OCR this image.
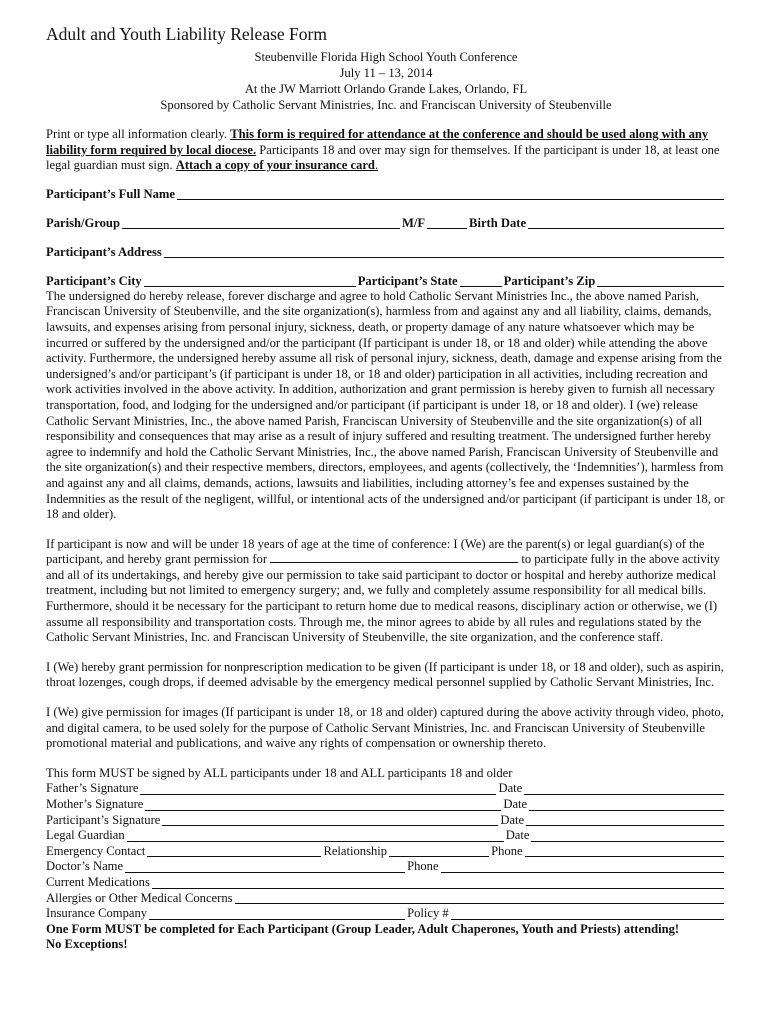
Adult and Youth Liability Release Form
Steubenville Florida High School Youth Conference
July 11 – 13, 2014
At the JW Marriott Orlando Grande Lakes, Orlando, FL
Sponsored by Catholic Servant Ministries, Inc. and Franciscan University of Steubenville

Print or type all information clearly. This form is required for attendance at the conference and should be used along with any liability form required by local diocese. Participants 18 and over may sign for themselves. If the participant is under 18, at least one legal guardian must sign. Attach a copy of your insurance card.

Participant’s Full Name
Parish/Group	M/F	Birth Date
Participant’s Address
Participant’s City	Participant’s State	Participant’s Zip

The undersigned do hereby release, forever discharge and agree to hold Catholic Servant Ministries Inc., the above named Parish, Franciscan University of Steubenville, and the site organization(s), harmless from and against any and all liability, claims, demands, lawsuits, and expenses arising from personal injury, sickness, death, or property damage of any nature whatsoever which may be incurred or suffered by the undersigned and/or the participant (If participant is under 18, or 18 and older) while attending the above activity. Furthermore, the undersigned hereby assume all risk of personal injury, sickness, death, damage and expense arising from the undersigned’s and/or participant’s (if participant is under 18, or 18 and older) participation in all activities, including recreation and work activities involved in the above activity. In addition, authorization and grant permission is hereby given to furnish all necessary transportation, food, and lodging for the undersigned and/or participant (if participant is under 18, or 18 and older). I (we) release Catholic Servant Ministries, Inc., the above named Parish, Franciscan University of Steubenville and the site organization(s) of all responsibility and consequences that may arise as a result of injury suffered and resulting treatment. The undersigned further hereby agree to indemnify and hold the Catholic Servant Ministries, Inc., the above named Parish, Franciscan University of Steubenville and the site organization(s) and their respective members, directors, employees, and agents (collectively, the ‘Indemnities’), harmless from and against any and all claims, demands, actions, lawsuits and liabilities, including attorney’s fee and expenses sustained by the Indemnities as the result of the negligent, willful, or intentional acts of the undersigned and/or participant (if participant is under 18, or 18 and older).

If participant is now and will be under 18 years of age at the time of conference: I (We) are the parent(s) or legal guardian(s) of the participant, and hereby grant permission for	to participate fully in the above activity and all of its undertakings, and hereby give our permission to take said participant to doctor or hospital and hereby authorize medical treatment, including but not limited to emergency surgery; and, we fully and completely assume responsibility for all medical bills. Furthermore, should it be necessary for the participant to return home due to medical reasons, disciplinary action or otherwise, we (I) assume all responsibility and transportation costs. Through me, the minor agrees to abide by all rules and regulations stated by the Catholic Servant Ministries, Inc. and Franciscan University of Steubenville, the site organization, and the conference staff.

I (We) hereby grant permission for nonprescription medication to be given (If participant is under 18, or 18 and older), such as aspirin, throat lozenges, cough drops, if deemed advisable by the emergency medical personnel supplied by Catholic Servant Ministries, Inc.

I (We) give permission for images (If participant is under 18, or 18 and older) captured during the above activity through video, photo, and digital camera, to be used solely for the purpose of Catholic Servant Ministries, Inc. and Franciscan University of Steubenville promotional material and publications, and waive any rights of compensation or ownership thereto.

This form MUST be signed by ALL participants under 18 and ALL participants 18 and older
Father’s Signature	Date
Mother’s Signature	Date
Participant’s Signature	Date
Legal Guardian	Date
Emergency Contact	Relationship	Phone
Doctor’s Name	Phone
Current Medications
Allergies or Other Medical Concerns
Insurance Company	Policy #
One Form MUST be completed for Each Participant (Group Leader, Adult Chaperones, Youth and Priests) attending!
No Exceptions!
